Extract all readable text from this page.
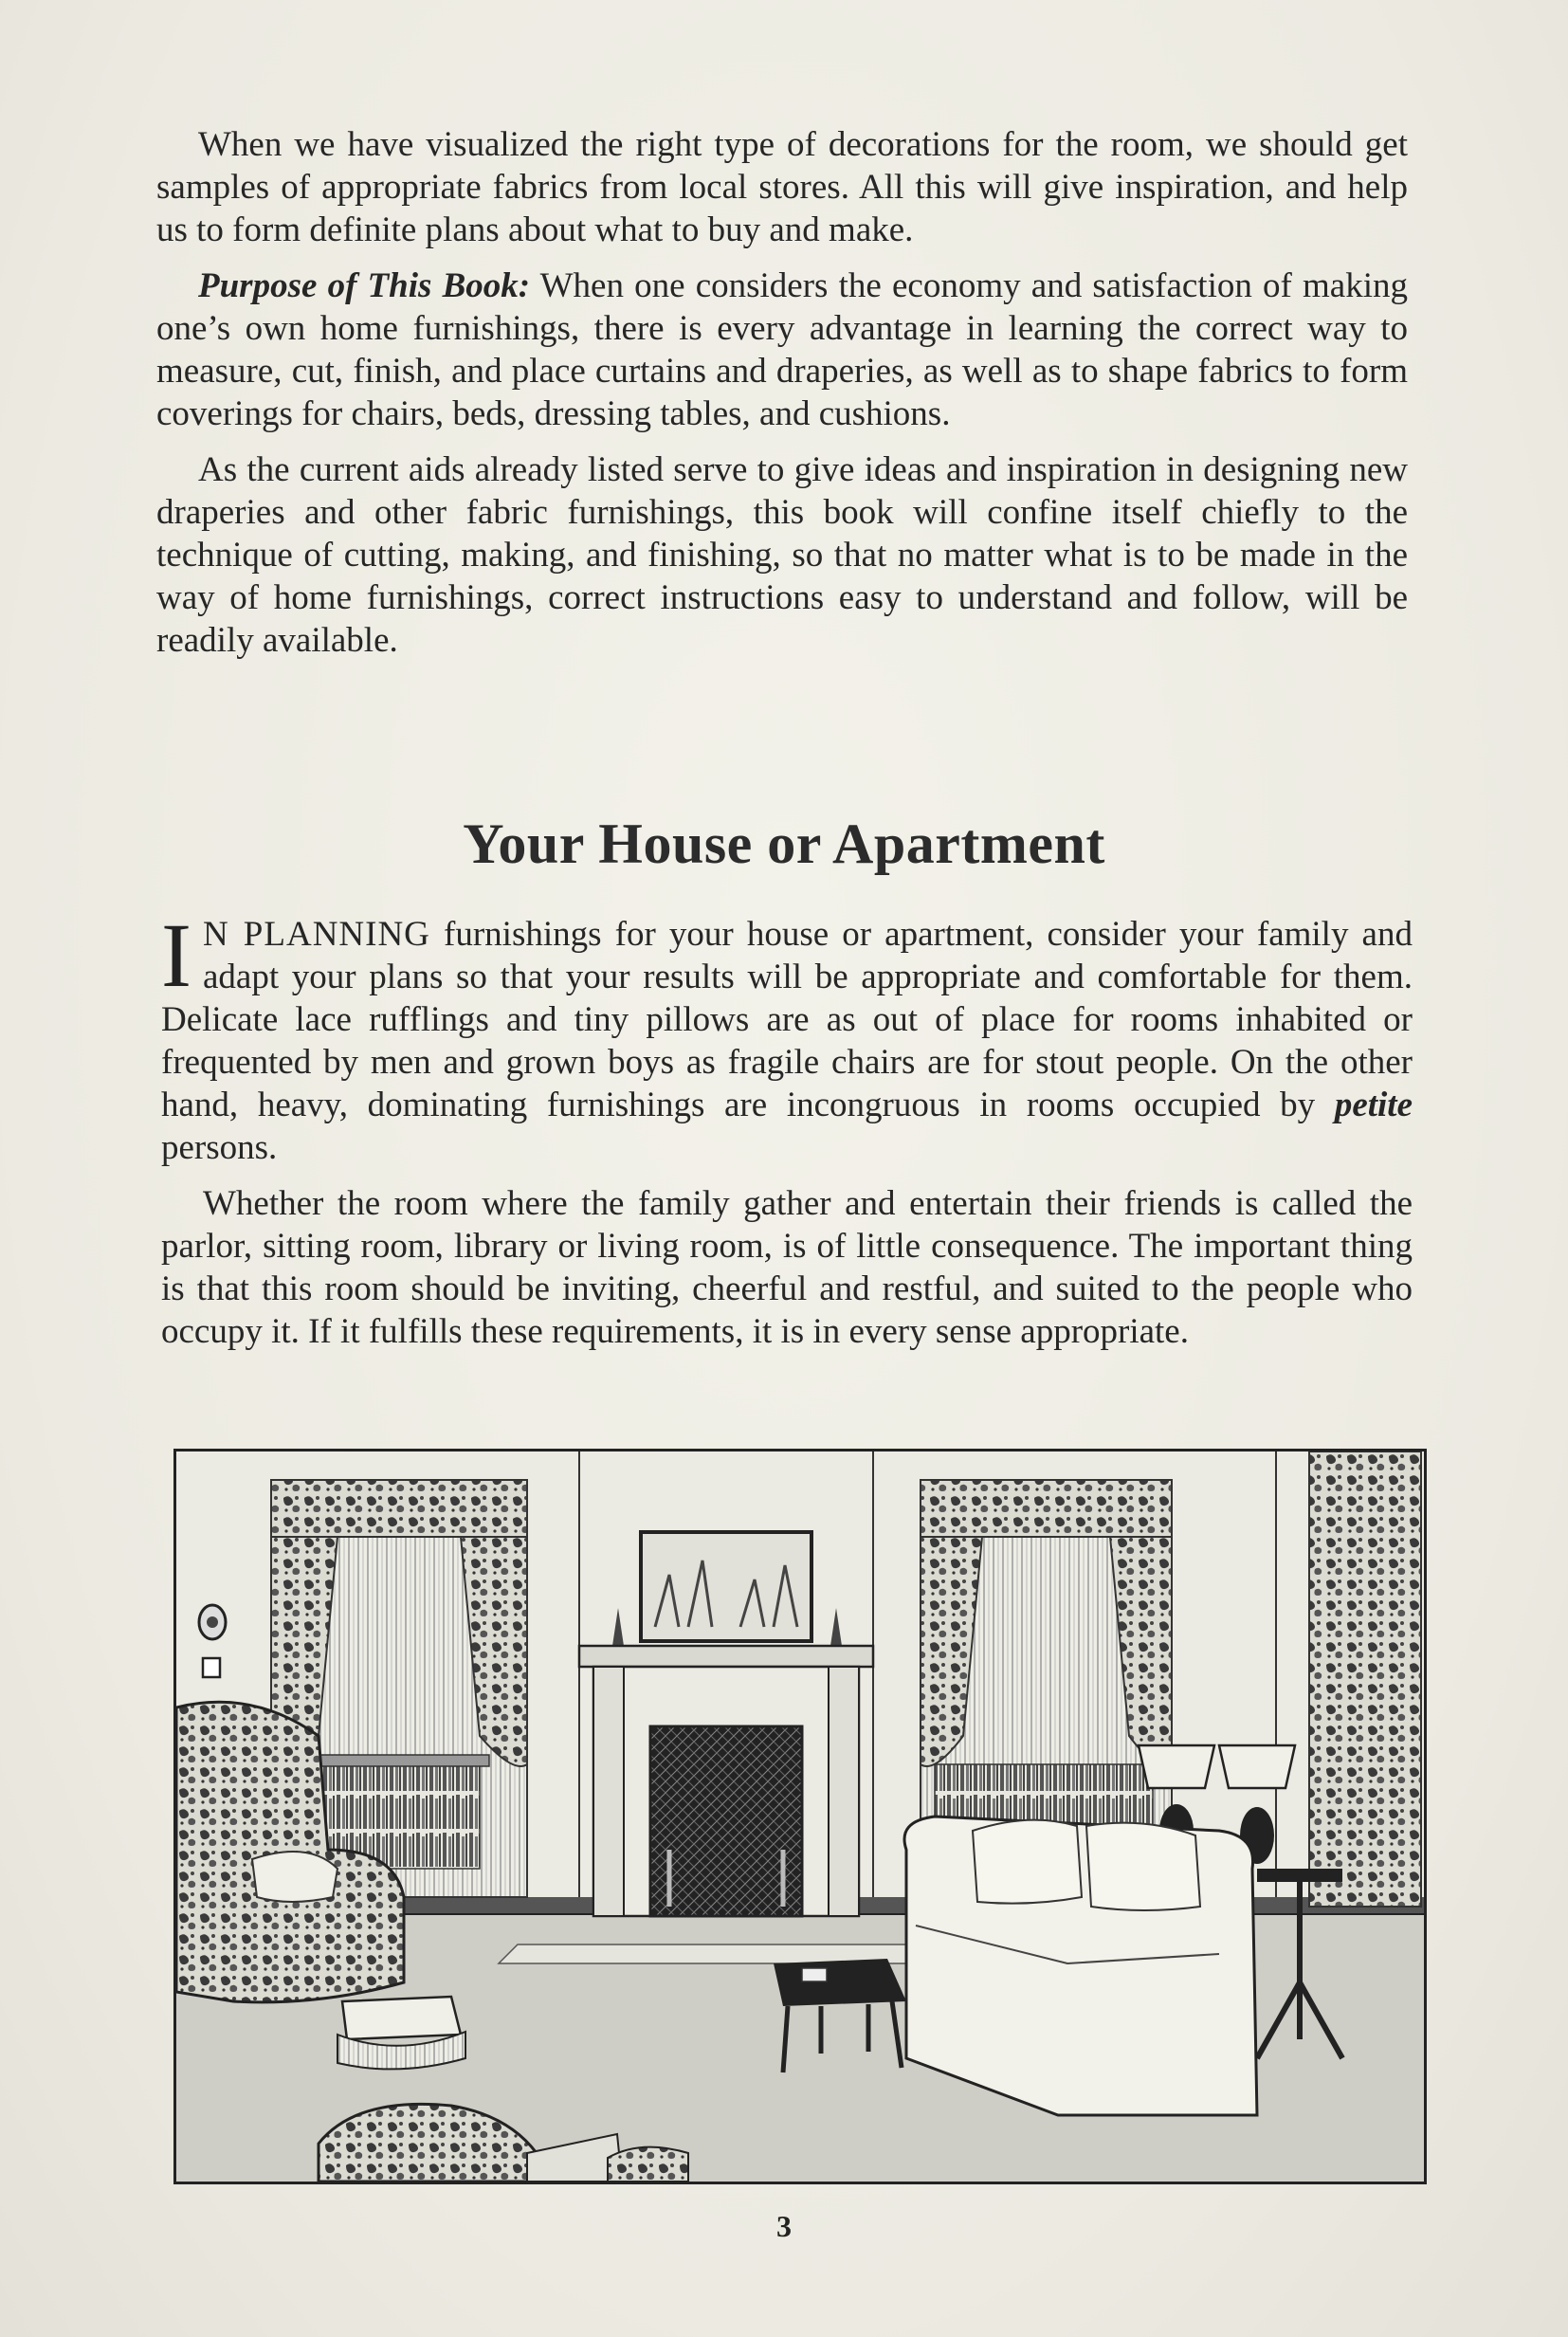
When we have visualized the right type of decorations for the room, we should get samples of appropriate fabrics from local stores. All this will give inspiration, and help us to form definite plans about what to buy and make.

Purpose of This Book: When one considers the economy and satisfaction of making one’s own home furnishings, there is every advantage in learning the correct way to measure, cut, finish, and place curtains and draperies, as well as to shape fabrics to form coverings for chairs, beds, dressing tables, and cushions.

As the current aids already listed serve to give ideas and inspiration in designing new draperies and other fabric furnishings, this book will confine itself chiefly to the technique of cutting, making, and finishing, so that no matter what is to be made in the way of home furnishings, correct instructions easy to understand and follow, will be readily available.

Your House or Apartment

I N PLANNING furnishings for your house or apartment, consider your family and adapt your plans so that your results will be appropriate and comfortable for them. Delicate lace rufflings and tiny pillows are as out of place for rooms inhabited or frequented by men and grown boys as fragile chairs are for stout people. On the other hand, heavy, dominating furnishings are incongruous in rooms occupied by petite persons.

Whether the room where the family gather and entertain their friends is called the parlor, sitting room, library or living room, is of little consequence. The important thing is that this room should be inviting, cheerful and restful, and suited to the people who occupy it. If it fulfills these requirements, it is in every sense appropriate.

3
